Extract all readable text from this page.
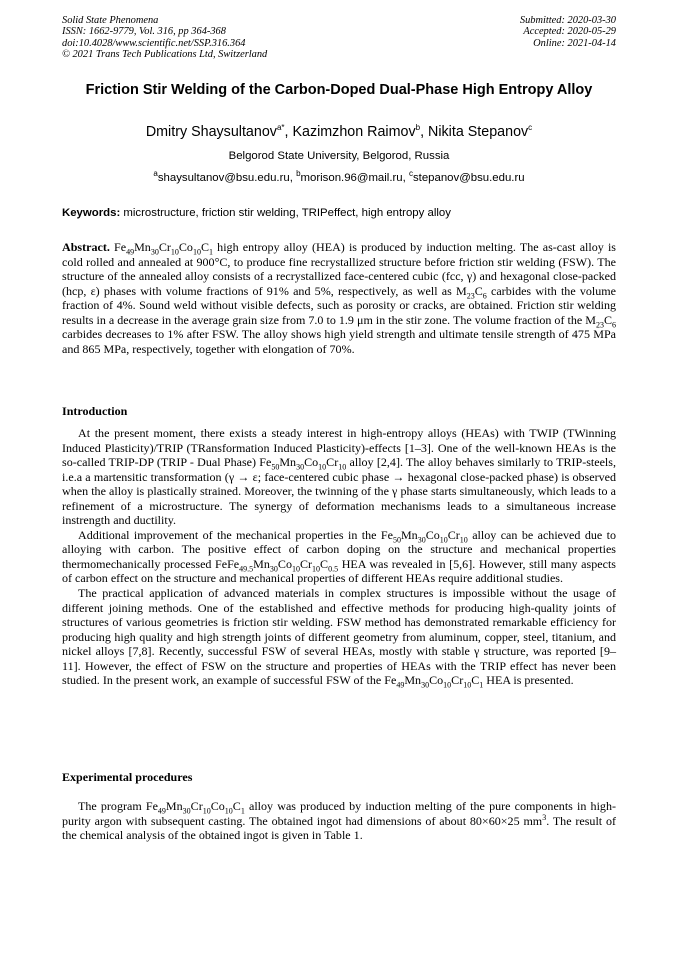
Solid State Phenomena
ISSN: 1662-9779, Vol. 316, pp 364-368
doi:10.4028/www.scientific.net/SSP.316.364
© 2021 Trans Tech Publications Ltd, Switzerland
Submitted: 2020-03-30
Accepted: 2020-05-29
Online: 2021-04-14
Friction Stir Welding of the Carbon-Doped Dual-Phase High Entropy Alloy
Dmitry Shaysultanov$^{a*}$, Kazimzhon Raimov$^b$, Nikita Stepanov$^c$
Belgorod State University, Belgorod, Russia
$^a$shaysultanov@bsu.edu.ru, $^b$morison.96@mail.ru, $^c$stepanov@bsu.edu.ru
Keywords: microstructure, friction stir welding, TRIPeffect, high entropy alloy

Abstract. $Fe_{49}Mn_{30}Cr_{10}Co_{10}C_1$ high entropy alloy (HEA) is produced by induction melting. The as-cast alloy is cold rolled and annealed at 900°C, to produce fine recrystallized structure before friction stir welding (FSW). The structure of the annealed alloy consists of a recrystallized face-centered cubic (fcc, γ) and hexagonal close-packed (hcp, ε) phases with volume fractions of 91% and 5%, respectively, as well as $M_{23}C_6$ carbides with the volume fraction of 4%. Sound weld without visible defects, such as porosity or cracks, are obtained. Friction stir welding results in a decrease in the average grain size from 7.0 to 1.9 μm in the stir zone. The volume fraction of the $M_{23}C_6$ carbides decreases to 1% after FSW. The alloy shows high yield strength and ultimate tensile strength of 475 MPa and 865 MPa, respectively, together with elongation of 70%.

Introduction

At the present moment, there exists a steady interest in high-entropy alloys (HEAs) with TWIP (TWinning Induced Plasticity)/TRIP (TRansformation Induced Plasticity)-effects [1–3]. One of the well-known HEAs is the so-called TRIP-DP (TRIP - Dual Phase) $Fe_{50}Mn_{30}Co_{10}Cr_{10}$ alloy [2,4]. The alloy behaves similarly to TRIP-steels, i.e.a a martensitic transformation (γ → ε; face-centered cubic phase → hexagonal close-packed phase) is observed when the alloy is plastically strained. Moreover, the twinning of the γ phase starts simultaneously, which leads to a refinement of a microstructure. The synergy of deformation mechanisms leads to a simultaneous increase instrength and ductility.

Additional improvement of the mechanical properties in the $Fe_{50}Mn_{30}Co_{10}Cr_{10}$ alloy can be achieved due to alloying with carbon. The positive effect of carbon doping on the structure and mechanical properties thermomechanically processed $FeFe_{49.5}Mn_{30}Co_{10}Cr_{10}C_{0.5}$ HEA was revealed in [5,6]. However, still many aspects of carbon effect on the structure and mechanical properties of different HEAs require additional studies.

The practical application of advanced materials in complex structures is impossible without the usage of different joining methods. One of the established and effective methods for producing high-quality joints of structures of various geometries is friction stir welding. FSW method has demonstrated remarkable efficiency for producing high quality and high strength joints of different geometry from aluminum, copper, steel, titanium, and nickel alloys [7,8]. Recently, successful FSW of several HEAs, mostly with stable γ structure, was reported [9–11]. However, the effect of FSW on the structure and properties of HEAs with the TRIP effect has never been studied. In the present work, an example of successful FSW of the $Fe_{49}Mn_{30}Co_{10}Cr_{10}C_1$ HEA is presented.

Experimental procedures

The program $Fe_{49}Mn_{30}Cr_{10}Co_{10}C_1$ alloy was produced by induction melting of the pure components in high-purity argon with subsequent casting. The obtained ingot had dimensions of about 80×60×25 $mm^3$. The result of the chemical analysis of the obtained ingot is given in Table 1.
